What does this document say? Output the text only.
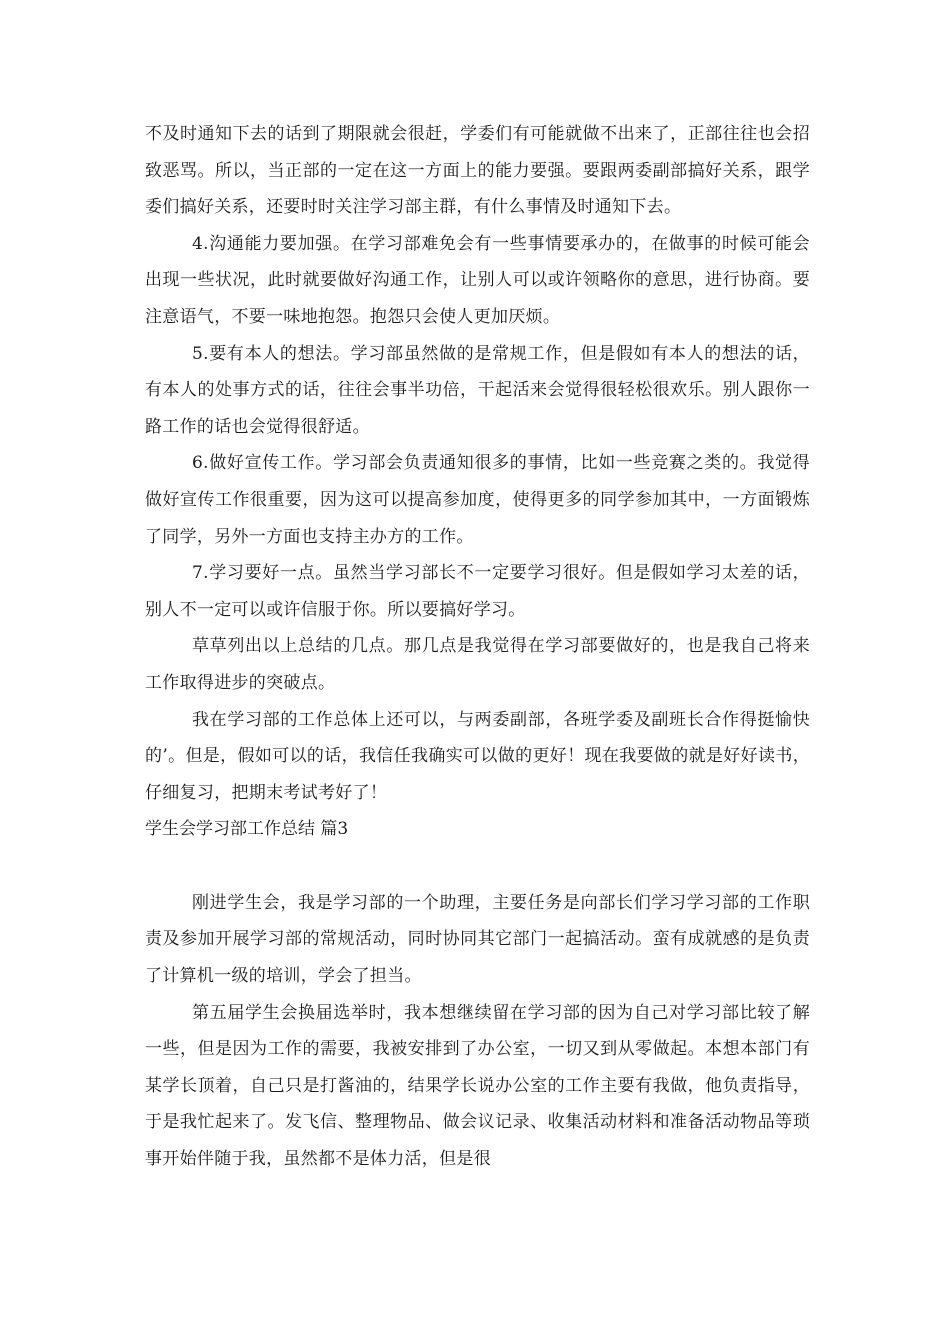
不及时通知下去的话到了期限就会很赶，学委们有可能就做不出来了，正部往往也会招致恶骂。所以，当正部的一定在这一方面上的能力要强。要跟两委副部搞好关系，跟学委们搞好关系，还要时时关注学习部主群，有什么事情及时通知下去。

4.沟通能力要加强。在学习部难免会有一些事情要承办的，在做事的时候可能会出现一些状况，此时就要做好沟通工作，让别人可以或许领略你的意思，进行协商。要注意语气，不要一味地抱怨。抱怨只会使人更加厌烦。

5.要有本人的想法。学习部虽然做的是常规工作，但是假如有本人的想法的话，有本人的处事方式的话，往往会事半功倍，干起活来会觉得很轻松很欢乐。别人跟你一路工作的话也会觉得很舒适。

6.做好宣传工作。学习部会负责通知很多的事情，比如一些竞赛之类的。我觉得做好宣传工作很重要，因为这可以提高参加度，使得更多的同学参加其中，一方面锻炼了同学，另外一方面也支持主办方的工作。

7.学习要好一点。虽然当学习部长不一定要学习很好。但是假如学习太差的话，别人不一定可以或许信服于你。所以要搞好学习。

草草列出以上总结的几点。那几点是我觉得在学习部要做好的，也是我自己将来工作取得进步的突破点。

我在学习部的工作总体上还可以，与两委副部，各班学委及副班长合作得挺愉快的’。但是，假如可以的话，我信任我确实可以做的更好！现在我要做的就是好好读书，仔细复习，把期末考试考好了！

学生会学习部工作总结 篇3

刚进学生会，我是学习部的一个助理，主要任务是向部长们学习学习部的工作职责及参加开展学习部的常规活动，同时协同其它部门一起搞活动。蛮有成就感的是负责了计算机一级的培训，学会了担当。

第五届学生会换届选举时，我本想继续留在学习部的因为自己对学习部比较了解一些，但是因为工作的需要，我被安排到了办公室，一切又到从零做起。本想本部门有某学长顶着，自己只是打酱油的，结果学长说办公室的工作主要有我做，他负责指导，于是我忙起来了。发飞信、整理物品、做会议记录、收集活动材料和准备活动物品等琐事开始伴随于我，虽然都不是体力活，但是很
